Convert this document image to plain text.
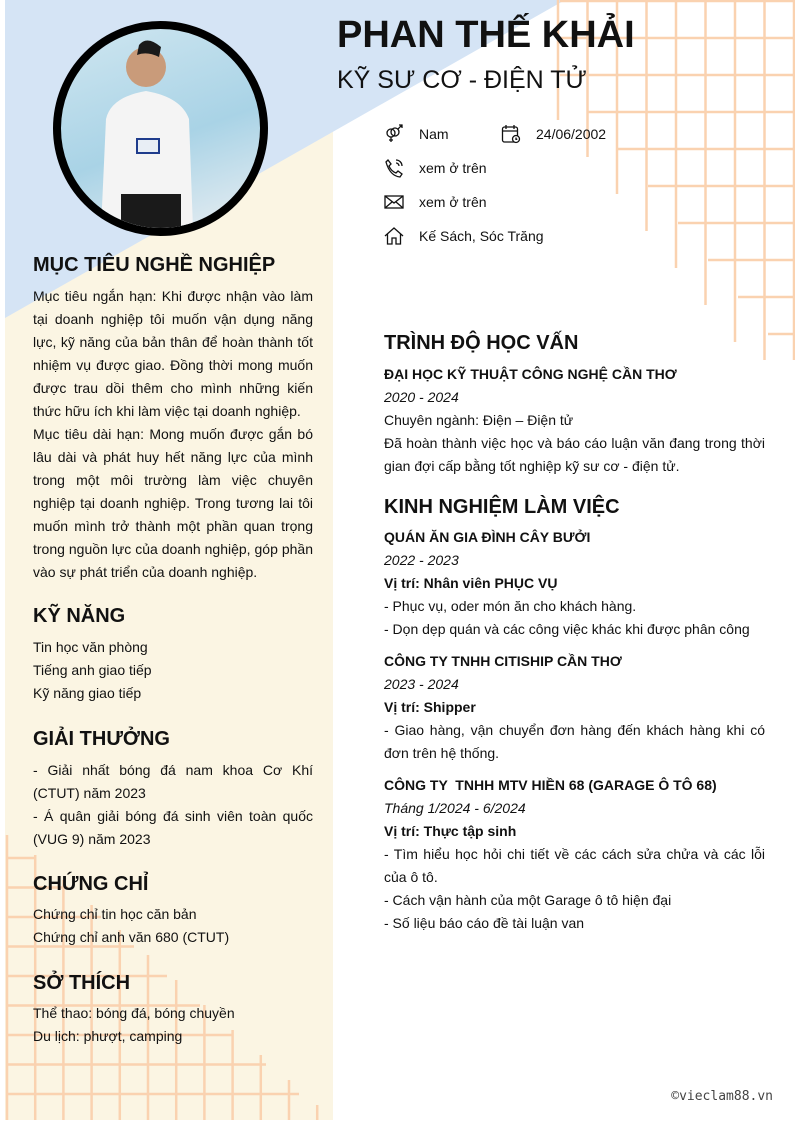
PHAN THẾ KHẢI
KỸ SƯ CƠ - ĐIỆN TỬ
Nam	24/06/2002
xem ở trên
xem ở trên
Kế Sách, Sóc Trăng
MỤC TIÊU NGHỀ NGHIỆP

Mục tiêu ngắn hạn: Khi được nhận vào làm tại doanh nghiệp tôi muốn vận dụng năng lực, kỹ năng của bản thân để hoàn thành tốt nhiệm vụ được giao. Đồng thời mong muốn được trau dồi thêm cho mình những kiến thức hữu ích khi làm việc tại doanh nghiệp.

Mục tiêu dài hạn: Mong muốn được gắn bó lâu dài và phát huy hết năng lực của mình trong một môi trường làm việc chuyên nghiệp tại doanh nghiệp. Trong tương lai tôi muốn mình trở thành một phần quan trọng trong nguồn lực của doanh nghiệp, góp phần vào sự phát triển của doanh nghiệp.

KỸ NĂNG

Tin học văn phòng

Tiếng anh giao tiếp

Kỹ năng giao tiếp

GIẢI THƯỞNG

- Giải nhất bóng đá nam khoa Cơ Khí (CTUT) năm 2023

- Á quân giải bóng đá sinh viên toàn quốc (VUG 9) năm 2023

CHỨNG CHỈ

Chứng chỉ tin học căn bản

Chứng chỉ anh văn 680 (CTUT)

SỞ THÍCH

Thể thao: bóng đá, bóng chuyền

Du lịch: phượt, camping

TRÌNH ĐỘ HỌC VẤN

ĐẠI HỌC KỸ THUẬT CÔNG NGHỆ CẦN THƠ

2020 - 2024

Chuyên ngành: Điện – Điện tử

Đã hoàn thành việc học và báo cáo luận văn đang trong thời gian đợi cấp bằng tốt nghiệp kỹ sư cơ - điện tử.

KINH NGHIỆM LÀM VIỆC

QUÁN ĂN GIA ĐÌNH CÂY BƯỞI

2022 - 2023

Vị trí: Nhân viên PHỤC VỤ

- Phục vụ, oder món ăn cho khách hàng.

- Dọn dẹp quán và các công việc khác khi được phân công

CÔNG TY TNHH CITISHIP CẦN THƠ

2023 - 2024

Vị trí: Shipper

- Giao hàng, vận chuyển đơn hàng đến khách hàng khi có đơn trên hệ thống.

CÔNG TY  TNHH MTV HIỀN 68 (GARAGE Ô TÔ 68)

Tháng 1/2024 - 6/2024

Vị trí: Thực tập sinh

- Tìm hiểu học hỏi chi tiết về các cách sửa chửa và các lỗi của ô tô.

- Cách vận hành của một Garage ô tô hiện đại

- Số liệu báo cáo đề tài luận van

©vieclam88.vn
